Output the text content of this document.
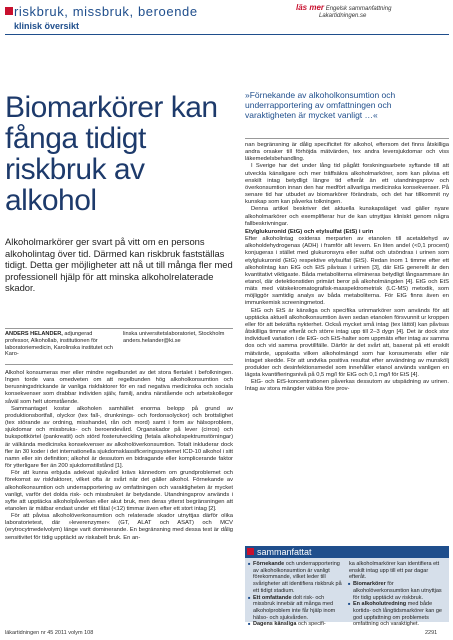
riskbruk, missbruk, beroende
klinisk översikt
läs mer Engelsk sammanfattning
Lakartidningen.se
Biomarkörer kan fånga tidigt riskbruk av alkohol
Alkoholmarkörer ger svart på vitt om en persons alkoholintag över tid. Därmed kan riskbruk fastställas tidigt. Detta ger möjligheter att nå ut till många fler med professionell hjälp för att minska alkoholrelaterade skador.
ANDERS HELANDER, adjungerad professor, Alkohollab, institutionen för laboratoriemedicin, Karolinska institutet och Karo-
linska universitetslaboratoriet, Stockholm
anders.helander@ki.se

Alkohol konsumeras mer eller mindre regelbundet av det stora flertalet i befolkningen. Ingen torde vara omedveten om att regelbunden hög alkoholkonsumtion och berusningsdrickande är vanliga riskfaktorer för en rad negativa medicinska och sociala konsekvenser som drabbar individen själv, familj, andra närstående och arbetskollegor såväl som helt utomstående.

Sammantaget kostar alkoholen samhället enorma belopp på grund av produktionsbortfall, olyckor (tex fall-, drunknings- och fordonsolyckor) och brottslighet (tex störande av ordning, misshandel, rån och mord) samt i form av hälsoproblem, sjukdomar och missbruks- och beroendevård. Organskador på lever (cirros) och bukspottkörtel (pankreatit) och störd fosterutveckling (fetala alkoholspektrumstörningar) är välkända medicinska konsekvenser av alkoholöverkonsumtion. Totalt inkluderar dock fler än 30 koder i det internationella sjukdomsklassificeringssystemet ICD-10 alkohol i sitt namn eller sin definition; alkohol är dessutom en bidragande eller komplicerande faktor för ytterligare fler än 200 sjukdomstillstånd [1].

För att kunna erbjuda adekvat sjukvård krävs kännedom om grundproblemet och förekomst av riskfaktorer, vilket ofta är svårt när det gäller alkohol. Förnekande av alkoholkonsumtion och underrapportering av omfattningen och varaktigheten är mycket vanligt, varför det dolda risk- och missbruket är betydande. Utandningsprov används i syfte att upptäcka alkoholpåverkan eller akut bruk, men deras ytterst begränsningen att etanolen är mätbar endast under ett fåtal (<12) timmar även efter ett stort intag [2].

För att påvisa alkoholöverkonsumtion och relaterade skador utnyttjas därför olika laboratorietest, där »leverenzymer« (GT, ALAT och ASAT) och MCV (erytrocytmedelvolym) länge varit dominerande. En begränsning med dessa test är dålig sensitivitet för tidig upptäckt av riskabelt bruk. En an-

»Förnekande av alkoholkonsumtion och underrapportering av omfattningen och varaktigheten är mycket vanligt …«

nan begränsning är dålig specificitet för alkohol, eftersom det finns åtskilliga andra orsaker till förhöjda mätvärden, tex andra leversjukdomar och viss läkemedelsbehandling.

I Sverige har det under lång tid pågått forskningsarbete syftande till att utveckla känsligare och mer träffsäkra alkoholmarkörer, som kan påvisa ett enskilt intag betydligt längre tid efteråt än ett utandningsprov och överkonsumtion innan den har medfört allvarliga medicinska konsekvenser. På senare tid har utbudet av biomarkörer förändrats, och det har tillkommit ny kunskap som kan påverka tolkningen.

Denna artikel beskriver det aktuella kunskapsläget vad gäller nyare alkoholmarkörer och exemplifierar hur de kan utnyttjas kliniskt genom några fallbeskrivningar.

Etylglukuronid (EtG) och etylsulfat (EtS) i urin

Efter alkoholintag oxideras merparten av etanolen till acetaldehyd av alkoholdehydrogenas (ADH) i framför allt levern. En liten andel (<0,1 procent) konjugeras i stället med glukuronsyra eller sulfat och utsöndras i urinen som etylglukuronid (EtG) respektive etylsulfat (EtS). Redan inom 1 timme efter ett alkoholintag kan EtG och EtS påvisas i urinen [3], där EtG generellt är den kvantitativt viktigaste. Båda metaboliterna elimineras betydligt långsammare än etanol, där detektionstiden primärt beror på alkoholmängden [4]. EtG och EtS mäts med vätskekromatografisk-masspektrometrisk (LC-MS) metodik, som möjliggör samtidig analys av båda metaboliterna. För EtG finns även en immunkemisk screeningmetod.

EtG och EtS är känsliga och specifika urinmarkörer som används för att upptäcka aktuell alkoholkonsumtion även sedan etanolen försvunnit ur kroppen eller för att bekräfta nykterhet. Också mycket små intag (tex lättöl) kan påvisas åtskilliga timmar efteråt och större intag upp till 2–3 dygn [4]. Det är dock stor individuell variation i de EtG- och EtS-halter som uppmäts efter intag av samma dos och vid samma provtillfälle. Därför är det svårt att, baserat på ett enskilt mätvärde, uppskatta vilken alkoholmängd som har konsumerats eller när intaget skedde. För att undvika positiva resultat efter användning av munskölj produkter och desinfektionsmedel som innehåller etanol används vanligen en lägsta kvantifieringsnivå på 0,5 mg/l för EtG och 0,1 mg/l för EtS [4].

EtG- och EtS-koncentrationen påverkas dessutom av utspädning av urinen. Intag av stora mängder vätska före prov-

sammanfattat
■ Förnekande och underrapportering av alkoholkonsumtion är vanligt förekommande, vilket leder till svårigheter att identifiera riskbruk på ett tidigt stadium.
■ Ett omfattande dolt risk- och missbruk innebär att många med alkoholproblem inte får hjälp inom hälso- och sjukvården.
■ Dagens känsliga och specifi-
ka alkoholmarkörer kan identifiera ett enskilt intag upp till ett par dagar efteråt.
■ Biomarkörer för alkoholöverkonsumtion kan utnyttjas för tidig upptäckt av riskbruk.
■ En alkoholutredning med både kortids- och långtidsmarkörer kan ge god uppfattning om problemets omfattning och varaktighet.
läkartidningen nr 45 2011 volym 108	2291
